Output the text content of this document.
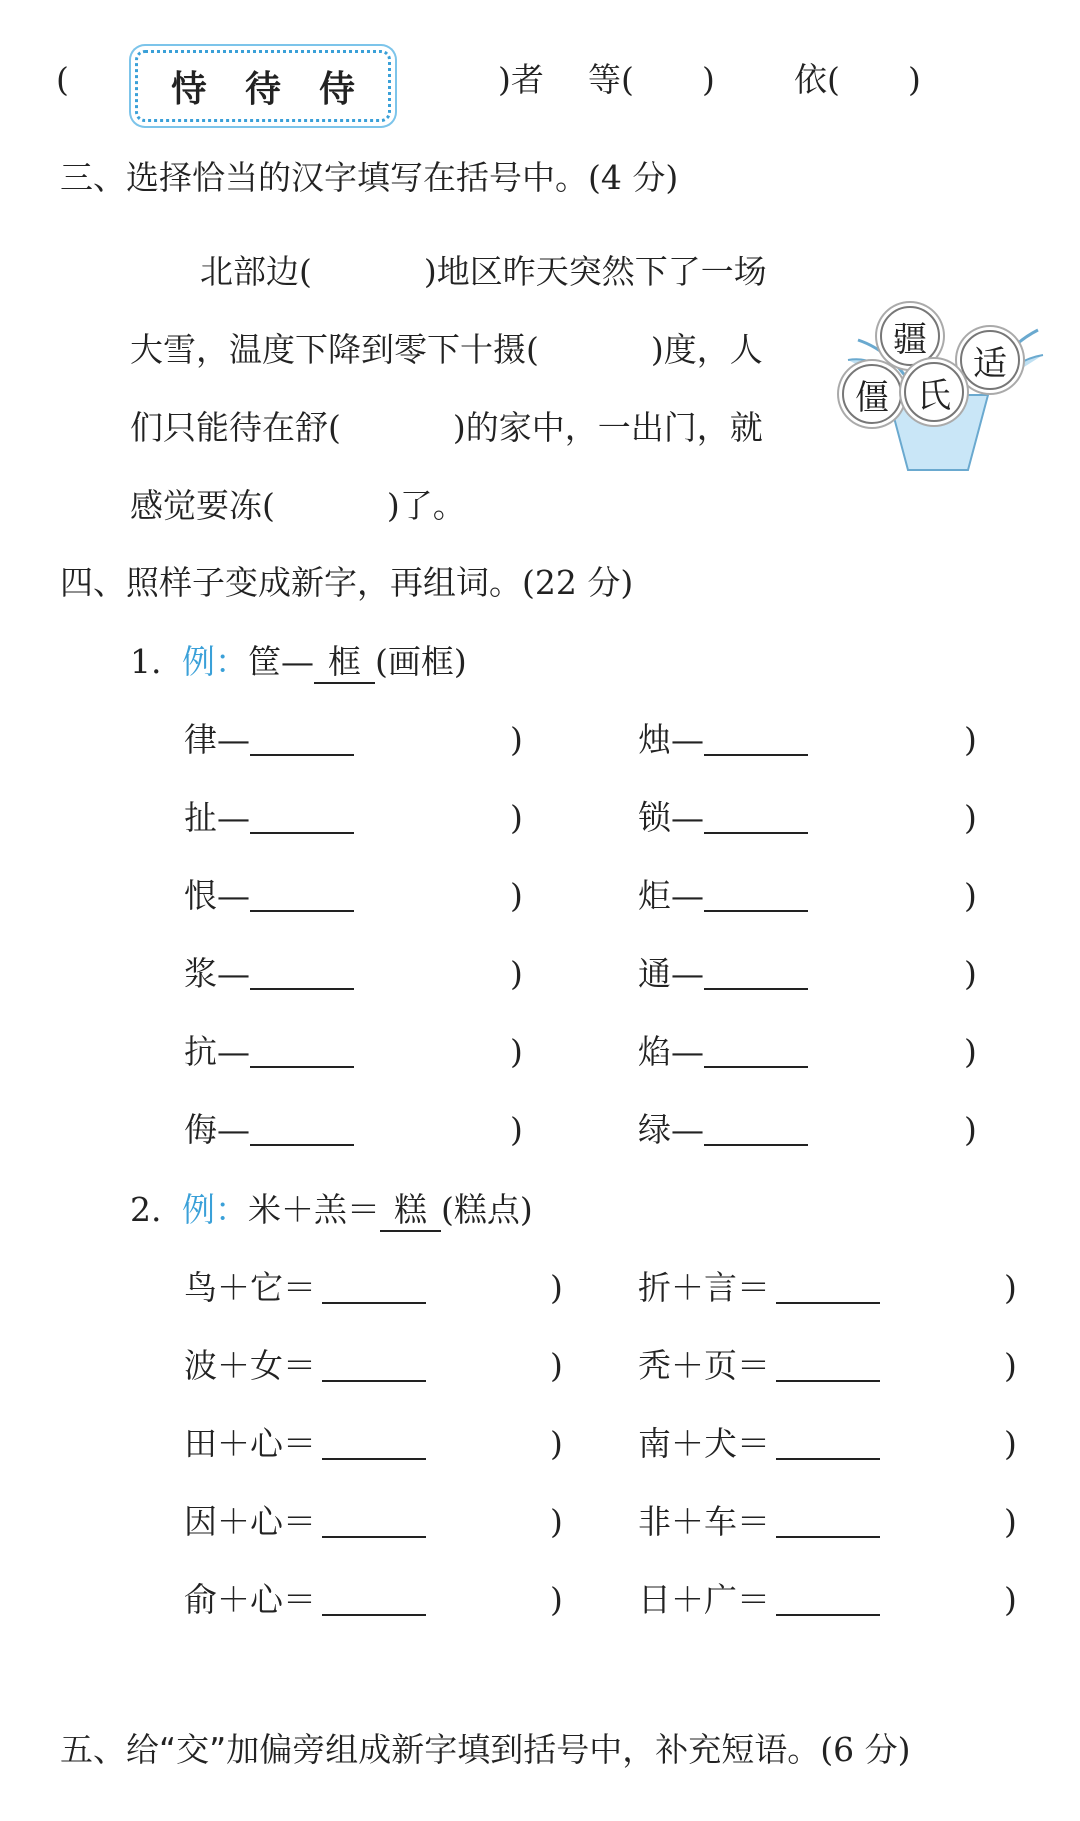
(	恃 待 侍	)者 等( ) 依( )
三、选择恰当的汉字填写在括号中。(4 分)
北部边(	)地区昨天突然下了一场
大雪，温度下降到零下十摄(	)度，人
们只能待在舒(	)的家中，一出门，就
感觉要冻(	)了。
疆
适
僵 氏
四、照样子变成新字，再组词。(22 分)
1. 例：筐— 框 (画框)
律—	)	烛—	)
扯—	)	锁—	)
恨—	)	炬—	)
浆—	)	通—	)
抗—	)	焰—	)
侮—	)	绿—	)
2. 例：米＋羔＝ 糕 (糕点)
鸟＋它＝	) 折＋言＝	)
波＋女＝	) 秃＋页＝	)
田＋心＝	) 南＋犬＝	)
因＋心＝	) 非＋车＝	)
俞＋心＝	) 日＋广＝	)
五、给“交”加偏旁组成新字填到括号中，补充短语。(6 分)
